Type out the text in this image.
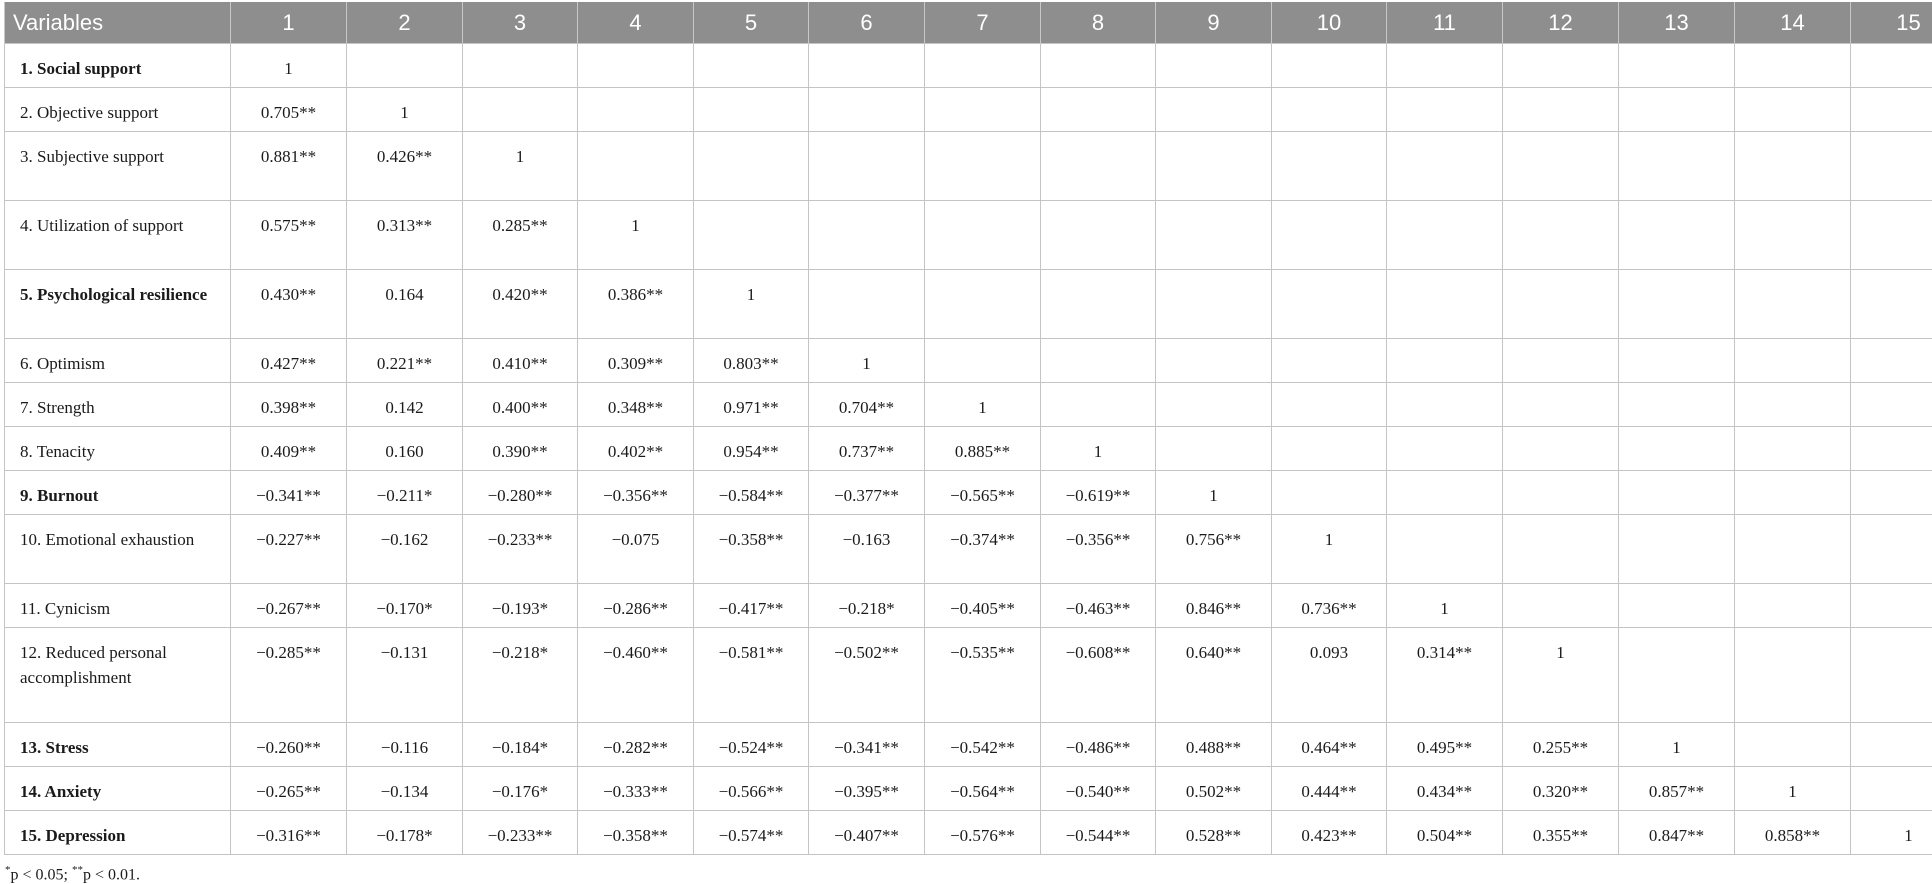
Variables	1	2	3	4	5	6	7	8	9	10	11	12	13	14	15
1. Social support	1														
2. Objective support	0.705**	1													
3. Subjective support	0.881**	0.426**	1												
4. Utilization of support	0.575**	0.313**	0.285**	1											
5. Psychological resilience	0.430**	0.164	0.420**	0.386**	1										
6. Optimism	0.427**	0.221**	0.410**	0.309**	0.803**	1									
7. Strength	0.398**	0.142	0.400**	0.348**	0.971**	0.704**	1								
8. Tenacity	0.409**	0.160	0.390**	0.402**	0.954**	0.737**	0.885**	1							
9. Burnout	−0.341**	−0.211*	−0.280**	−0.356**	−0.584**	−0.377**	−0.565**	−0.619**	1						
10. Emotional exhaustion	−0.227**	−0.162	−0.233**	−0.075	−0.358**	−0.163	−0.374**	−0.356**	0.756**	1					
11. Cynicism	−0.267**	−0.170*	−0.193*	−0.286**	−0.417**	−0.218*	−0.405**	−0.463**	0.846**	0.736**	1				
12. Reduced personal accomplishment	−0.285**	−0.131	−0.218*	−0.460**	−0.581**	−0.502**	−0.535**	−0.608**	0.640**	0.093	0.314**	1			
13. Stress	−0.260**	−0.116	−0.184*	−0.282**	−0.524**	−0.341**	−0.542**	−0.486**	0.488**	0.464**	0.495**	0.255**	1		
14. Anxiety	−0.265**	−0.134	−0.176*	−0.333**	−0.566**	−0.395**	−0.564**	−0.540**	0.502**	0.444**	0.434**	0.320**	0.857**	1	
15. Depression	−0.316**	−0.178*	−0.233**	−0.358**	−0.574**	−0.407**	−0.576**	−0.544**	0.528**	0.423**	0.504**	0.355**	0.847**	0.858**	1
*p < 0.05; **p < 0.01.
